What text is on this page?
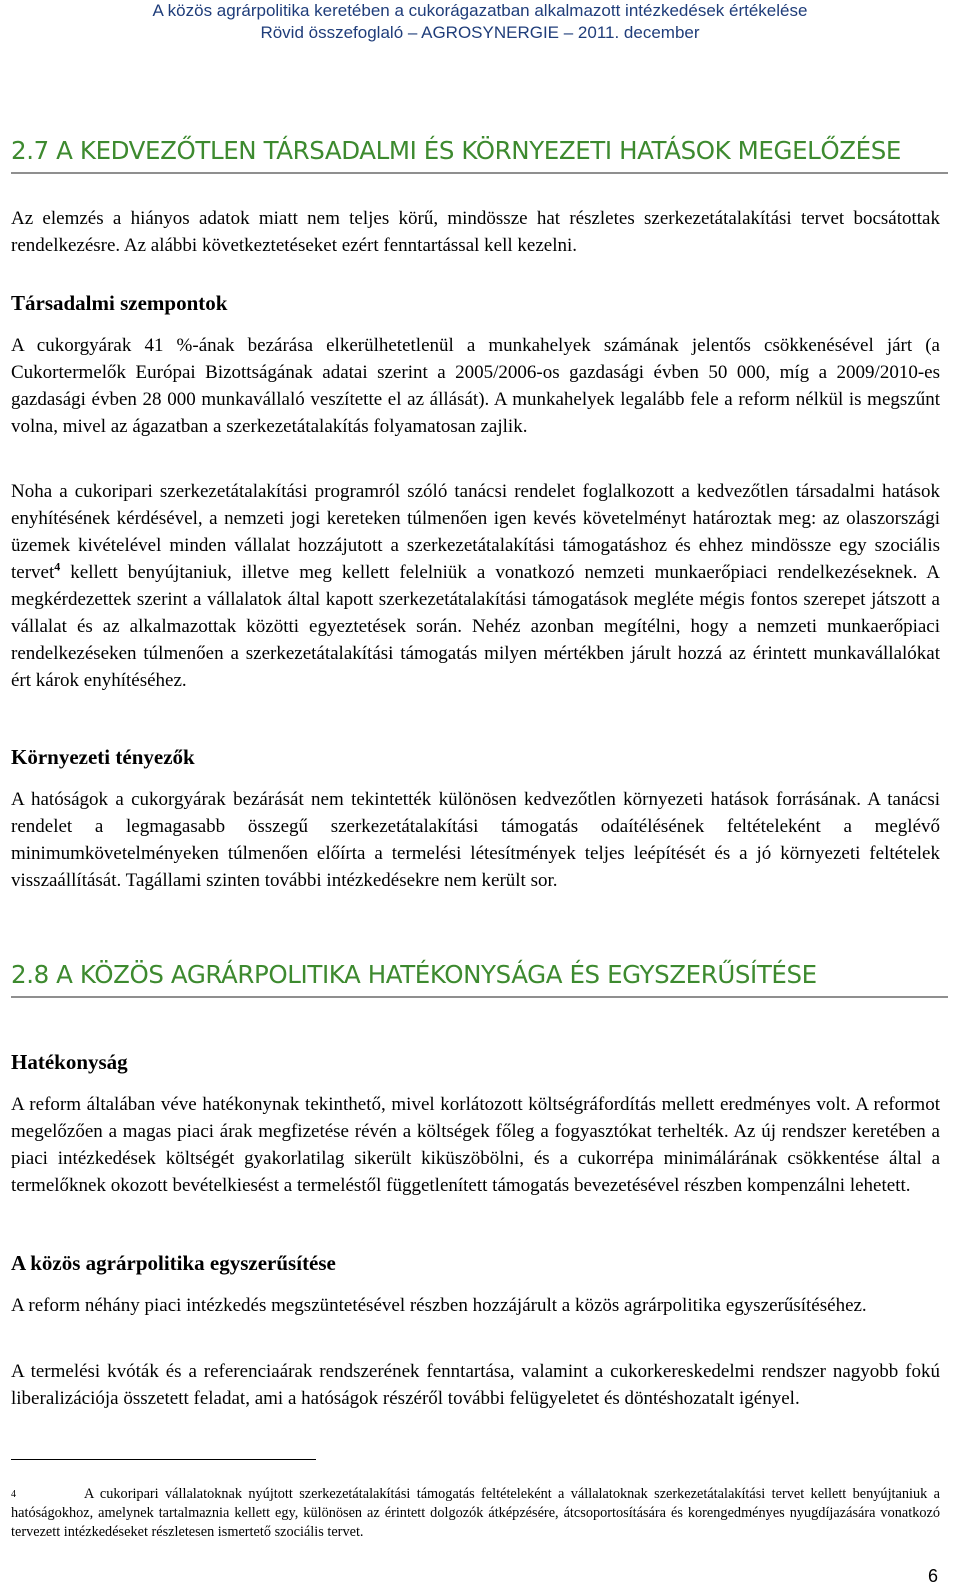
A közös agrárpolitika keretében a cukorágazatban alkalmazott intézkedések értékelése
Rövid összefoglaló – AGROSYNERGIE – 2011. december
2.7 A KEDVEZŐTLEN TÁRSADALMI ÉS KÖRNYEZETI HATÁSOK MEGELŐZÉSE
Az elemzés a hiányos adatok miatt nem teljes körű, mindössze hat részletes szerkezetátalakítási tervet bocsátottak rendelkezésre. Az alábbi következtetéseket ezért fenntartással kell kezelni.
Társadalmi szempontok
A cukorgyárak 41 %-ának bezárása elkerülhetetlenül a munkahelyek számának jelentős csökkenésével járt (a Cukortermelők Európai Bizottságának adatai szerint a 2005/2006-os gazdasági évben 50 000, míg a 2009/2010-es gazdasági évben 28 000 munkavállaló veszítette el az állását). A munkahelyek legalább fele a reform nélkül is megszűnt volna, mivel az ágazatban a szerkezetátalakítás folyamatosan zajlik.
Noha a cukoripari szerkezetátalakítási programról szóló tanácsi rendelet foglalkozott a kedvezőtlen társadalmi hatások enyhítésének kérdésével, a nemzeti jogi kereteken túlmenően igen kevés követelményt határoztak meg: az olaszországi üzemek kivételével minden vállalat hozzájutott a szerkezetátalakítási támogatáshoz és ehhez mindössze egy szociális tervet$^4$ kellett benyújtaniuk, illetve meg kellett felelniük a vonatkozó nemzeti munkaerőpiaci rendelkezéseknek. A megkérdezettek szerint a vállalatok által kapott szerkezetátalakítási támogatások megléte mégis fontos szerepet játszott a vállalat és az alkalmazottak közötti egyeztetések során. Nehéz azonban megítélni, hogy a nemzeti munkaerőpiaci rendelkezéseken túlmenően a szerkezetátalakítási támogatás milyen mértékben járult hozzá az érintett munkavállalókat ért károk enyhítéséhez.
Környezeti tényezők
A hatóságok a cukorgyárak bezárását nem tekintették különösen kedvezőtlen környezeti hatások forrásának. A tanácsi rendelet a legmagasabb összegű szerkezetátalakítási támogatás odaítélésének feltételeként a meglévő minimumkövetelményeken túlmenően előírta a termelési létesítmények teljes leépítését és a jó környezeti feltételek visszaállítását. Tagállami szinten további intézkedésekre nem került sor.
2.8 A KÖZÖS AGRÁRPOLITIKA HATÉKONYSÁGA ÉS EGYSZERŰSÍTÉSE
Hatékonyság
A reform általában véve hatékonynak tekinthető, mivel korlátozott költségráfordítás mellett eredményes volt. A reformot megelőzően a magas piaci árak megfizetése révén a költségek főleg a fogyasztókat terhelték. Az új rendszer keretében a piaci intézkedések költségét gyakorlatilag sikerült kiküszöbölni, és a cukorrépa minimálárának csökkentése által a termelőknek okozott bevételkiesést a termeléstől függetlenített támogatás bevezetésével részben kompenzálni lehetett.
A közös agrárpolitika egyszerűsítése
A reform néhány piaci intézkedés megszüntetésével részben hozzájárult a közös agrárpolitika egyszerűsítéséhez.
A termelési kvóták és a referenciaárak rendszerének fenntartása, valamint a cukorkereskedelmi rendszer nagyobb fokú liberalizációja összetett feladat, ami a hatóságok részéről további felügyeletet és döntéshozatalt igényel.
$^4$	A cukoripari vállalatoknak nyújtott szerkezetátalakítási támogatás feltételeként a vállalatoknak szerkezetátalakítási tervet kellett benyújtaniuk a hatóságokhoz, amelynek tartalmaznia kellett egy, különösen az érintett dolgozók átképzésére, átcsoportosítására és korengedményes nyugdíjazására vonatkozó tervezett intézkedéseket részletesen ismertető szociális tervet.
6
